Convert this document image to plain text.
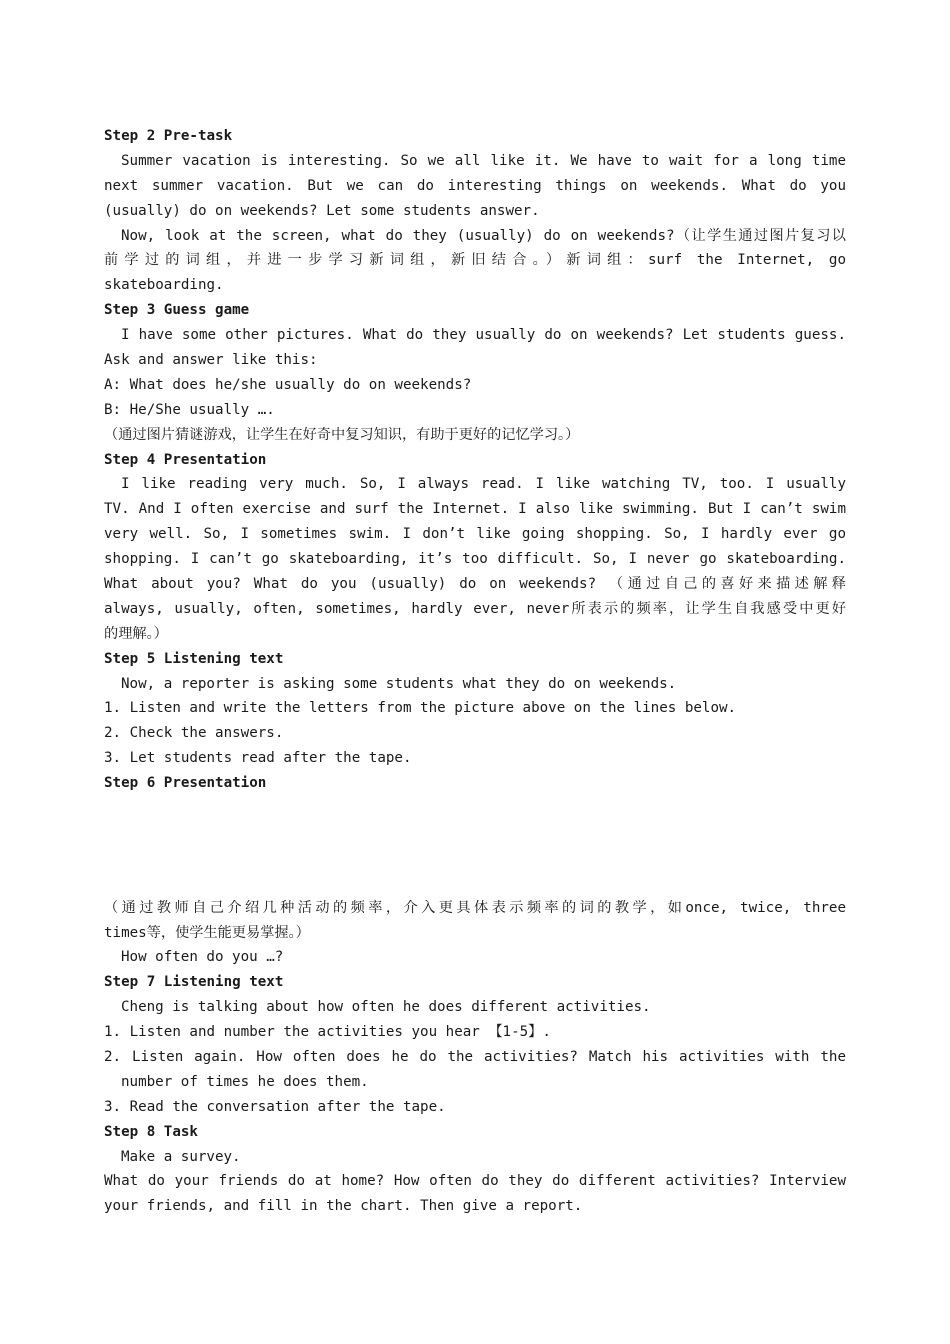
Step 2 Pre-task
Summer vacation is interesting. So we all like it. We have to wait for a long time
next summer vacation. But we can do interesting things on weekends. What do you
(usually) do on weekends? Let some students answer.
Now, look at the screen, what do they (usually) do on weekends?（让学生通过图片复习以
前学过的词组，并进一步学习新词组，新旧结合。）新词组：surf the Internet, go
skateboarding.
Step 3 Guess game
I have some other pictures. What do they usually do on weekends? Let students guess.
Ask and answer like this:
A: What does he/she usually do on weekends?
B: He/She usually ….
（通过图片猜谜游戏，让学生在好奇中复习知识，有助于更好的记忆学习。）
Step 4 Presentation
I like reading very much. So, I always read. I like watching TV, too. I usually
TV. And I often exercise and surf the Internet. I also like swimming. But I can’t swim
very well. So, I sometimes swim. I don’t like going shopping. So, I hardly ever go
shopping. I can’t go skateboarding, it’s too difficult. So, I never go skateboarding.
What about you? What do you (usually) do on weekends? （通过自己的喜好来描述解释
always, usually, often, sometimes, hardly ever, never所表示的频率，让学生自我感受中更好
的理解。）
Step 5 Listening text
Now, a reporter is asking some students what they do on weekends.
1. Listen and write the letters from the picture above on the lines below.
2. Check the answers.
3. Let students read after the tape.
Step 6 Presentation

（通过教师自己介绍几种活动的频率，介入更具体表示频率的词的教学，如once, twice, three
times等，使学生能更易掌握。）
How often do you …?
Step 7 Listening text
Cheng is talking about how often he does different activities.
1. Listen and number the activities you hear 【1-5】.
2. Listen again. How often does he do the activities? Match his activities with the
number of times he does them.
3. Read the conversation after the tape.
Step 8 Task
Make a survey.
What do your friends do at home? How often do they do different activities? Interview
your friends, and fill in the chart. Then give a report.
